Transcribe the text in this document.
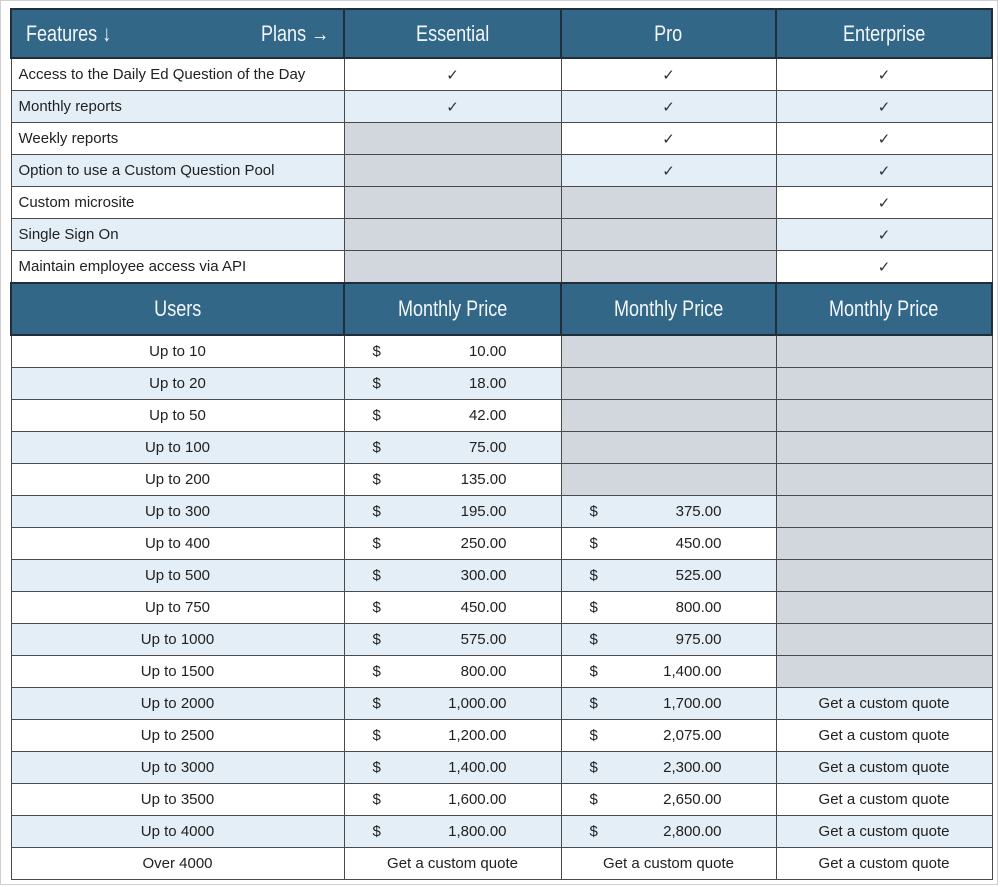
Features ↓ Plans →	Essential	Pro	Enterprise
Access to the Daily Ed Question of the Day	✓	✓	✓
Monthly reports	✓	✓	✓
Weekly reports		✓	✓
Option to use a Custom Question Pool		✓	✓
Custom microsite			✓
Single Sign On			✓
Maintain employee access via API			✓
Users	Monthly Price	Monthly Price	Monthly Price
Up to 10	$ 10.00		

Up to 20	$ 18.00		

Up to 50	$ 42.00		

Up to 100	$ 75.00		

Up to 200	$ 135.00		

Up to 300	$ 195.00	$ 375.00	

Up to 400	$ 250.00	$ 450.00	

Up to 500	$ 300.00	$ 525.00	

Up to 750	$ 450.00	$ 800.00	

Up to 1000	$ 575.00	$ 975.00	

Up to 1500	$ 800.00	$ 1,400.00	

Up to 2000	$ 1,000.00	$ 1,700.00	Get a custom quote
Up to 2500	$ 1,200.00	$ 2,075.00	Get a custom quote
Up to 3000	$ 1,400.00	$ 2,300.00	Get a custom quote
Up to 3500	$ 1,600.00	$ 2,650.00	Get a custom quote
Up to 4000	$ 1,800.00	$ 2,800.00	Get a custom quote
Over 4000	Get a custom quote	Get a custom quote	Get a custom quote
